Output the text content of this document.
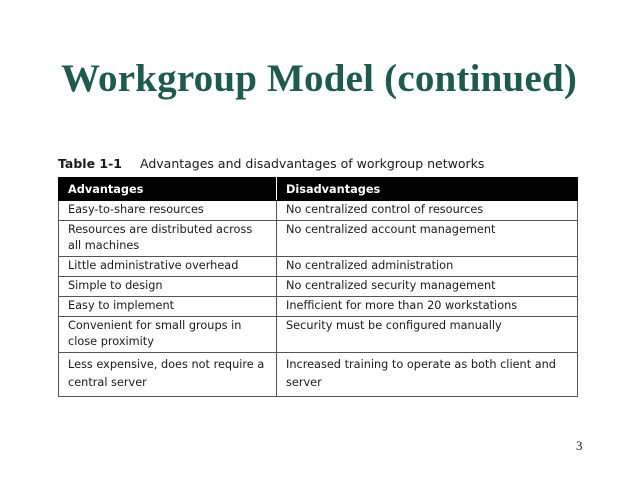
Workgroup Model (continued)
Table 1-1 Advantages and disadvantages of workgroup networks
Advantages	Disadvantages
Easy-to-share resources	No centralized control of resources
Resources are distributed across all machines	No centralized account management
Little administrative overhead	No centralized administration
Simple to design	No centralized security management
Easy to implement	Inefficient for more than 20 workstations
Convenient for small groups in close proximity	Security must be configured manually
Less expensive, does not require a central server	Increased training to operate as both client and server
3
